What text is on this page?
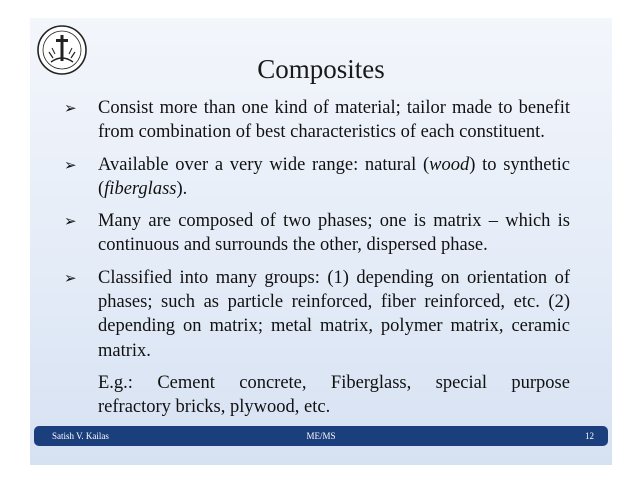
Composites
➢ Consist more than one kind of material; tailor made to benefit from combination of best characteristics of each constituent.
➢ Available over a very wide range: natural (wood) to synthetic (fiberglass).
➢ Many are composed of two phases; one is matrix – which is continuous and surrounds the other, dispersed phase.
➢ Classified into many groups: (1) depending on orientation of phases; such as particle reinforced, fiber reinforced, etc. (2) depending on matrix; metal matrix, polymer matrix, ceramic matrix.
E.g.: Cement concrete, Fiberglass, special purpose
refractory bricks, plywood, etc.
Satish V. Kailas	ME/MS	12
